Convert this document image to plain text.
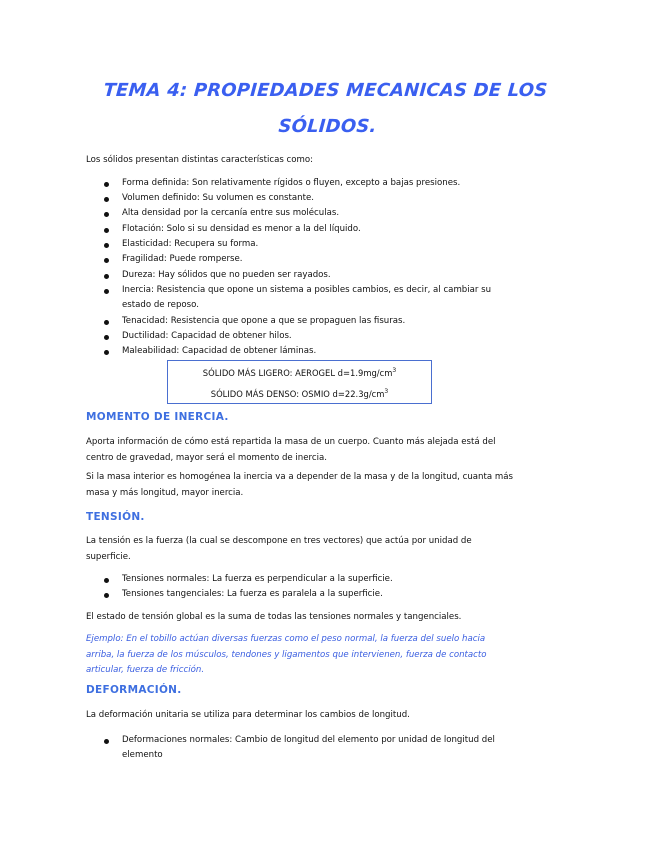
TEMA 4: PROPIEDADES MECANICAS DE LOS
SÓLIDOS.
Los sólidos presentan distintas características como:
Forma definida: Son relativamente rígidos o fluyen, excepto a bajas presiones.
Volumen definido: Su volumen es constante.
Alta densidad por la cercanía entre sus moléculas.
Flotación: Solo si su densidad es menor a la del líquido.
Elasticidad: Recupera su forma.
Fragilidad: Puede romperse.
Dureza: Hay sólidos que no pueden ser rayados.
Inercia: Resistencia que opone un sistema a posibles cambios, es decir, al cambiar su estado de reposo.
Tenacidad: Resistencia que opone a que se propaguen las fisuras.
Ductilidad: Capacidad de obtener hilos.
Maleabilidad: Capacidad de obtener láminas.
SÓLIDO MÁS LIGERO: AEROGEL $d=1.9mg/cm^3$
SÓLIDO MÁS DENSO: OSMIO $d=22.3g/cm^3$
MOMENTO DE INERCIA.
Aporta información de cómo está repartida la masa de un cuerpo. Cuanto más alejada está del centro de gravedad, mayor será el momento de inercia.
Si la masa interior es homogénea la inercia va a depender de la masa y de la longitud, cuanta más masa y más longitud, mayor inercia.
TENSIÓN.
La tensión es la fuerza (la cual se descompone en tres vectores) que actúa por unidad de superficie.
Tensiones normales: La fuerza es perpendicular a la superficie.
Tensiones tangenciales: La fuerza es paralela a la superficie.
El estado de tensión global es la suma de todas las tensiones normales y tangenciales.
Ejemplo: En el tobillo actúan diversas fuerzas como el peso normal, la fuerza del suelo hacia arriba, la fuerza de los músculos, tendones y ligamentos que intervienen, fuerza de contacto articular, fuerza de fricción.
DEFORMACIÓN.
La deformación unitaria se utiliza para determinar los cambios de longitud.
Deformaciones normales: Cambio de longitud del elemento por unidad de longitud del elemento
